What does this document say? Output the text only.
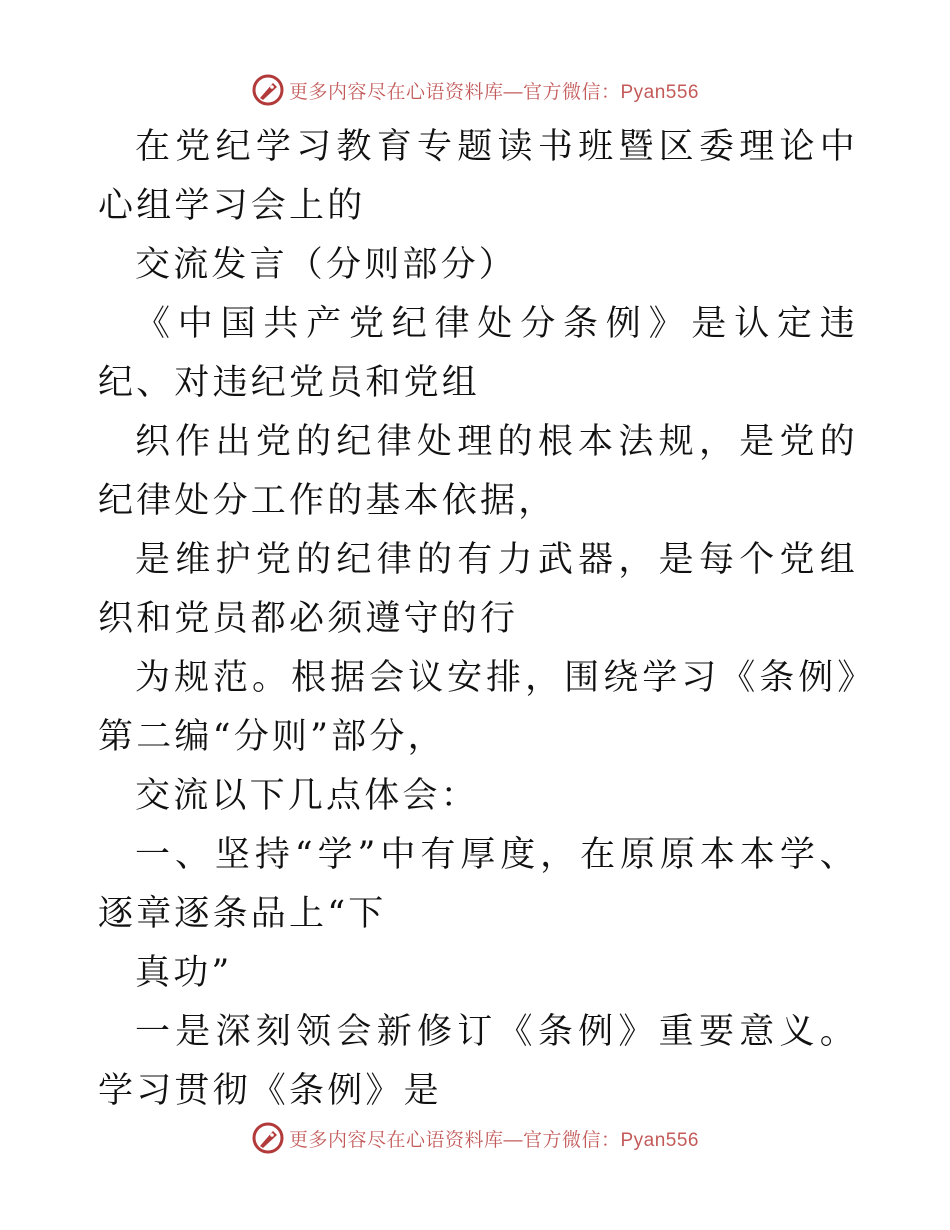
更多内容尽在心语资料库—官方微信：Pyan556

在党纪学习教育专题读书班暨区委理论中心组学习会上的

交流发言（分则部分）

《中国共产党纪律处分条例》是认定违纪、对违纪党员和党组

织作出党的纪律处理的根本法规，是党的纪律处分工作的基本依据，

是维护党的纪律的有力武器，是每个党组织和党员都必须遵守的行

为规范。根据会议安排，围绕学习《条例》第二编“分则”部分，

交流以下几点体会：

一、坚持“学”中有厚度，在原原本本学、逐章逐条品上“下

真功”

一是深刻领会新修订《条例》重要意义。学习贯彻《条例》是

更多内容尽在心语资料库—官方微信：Pyan556
